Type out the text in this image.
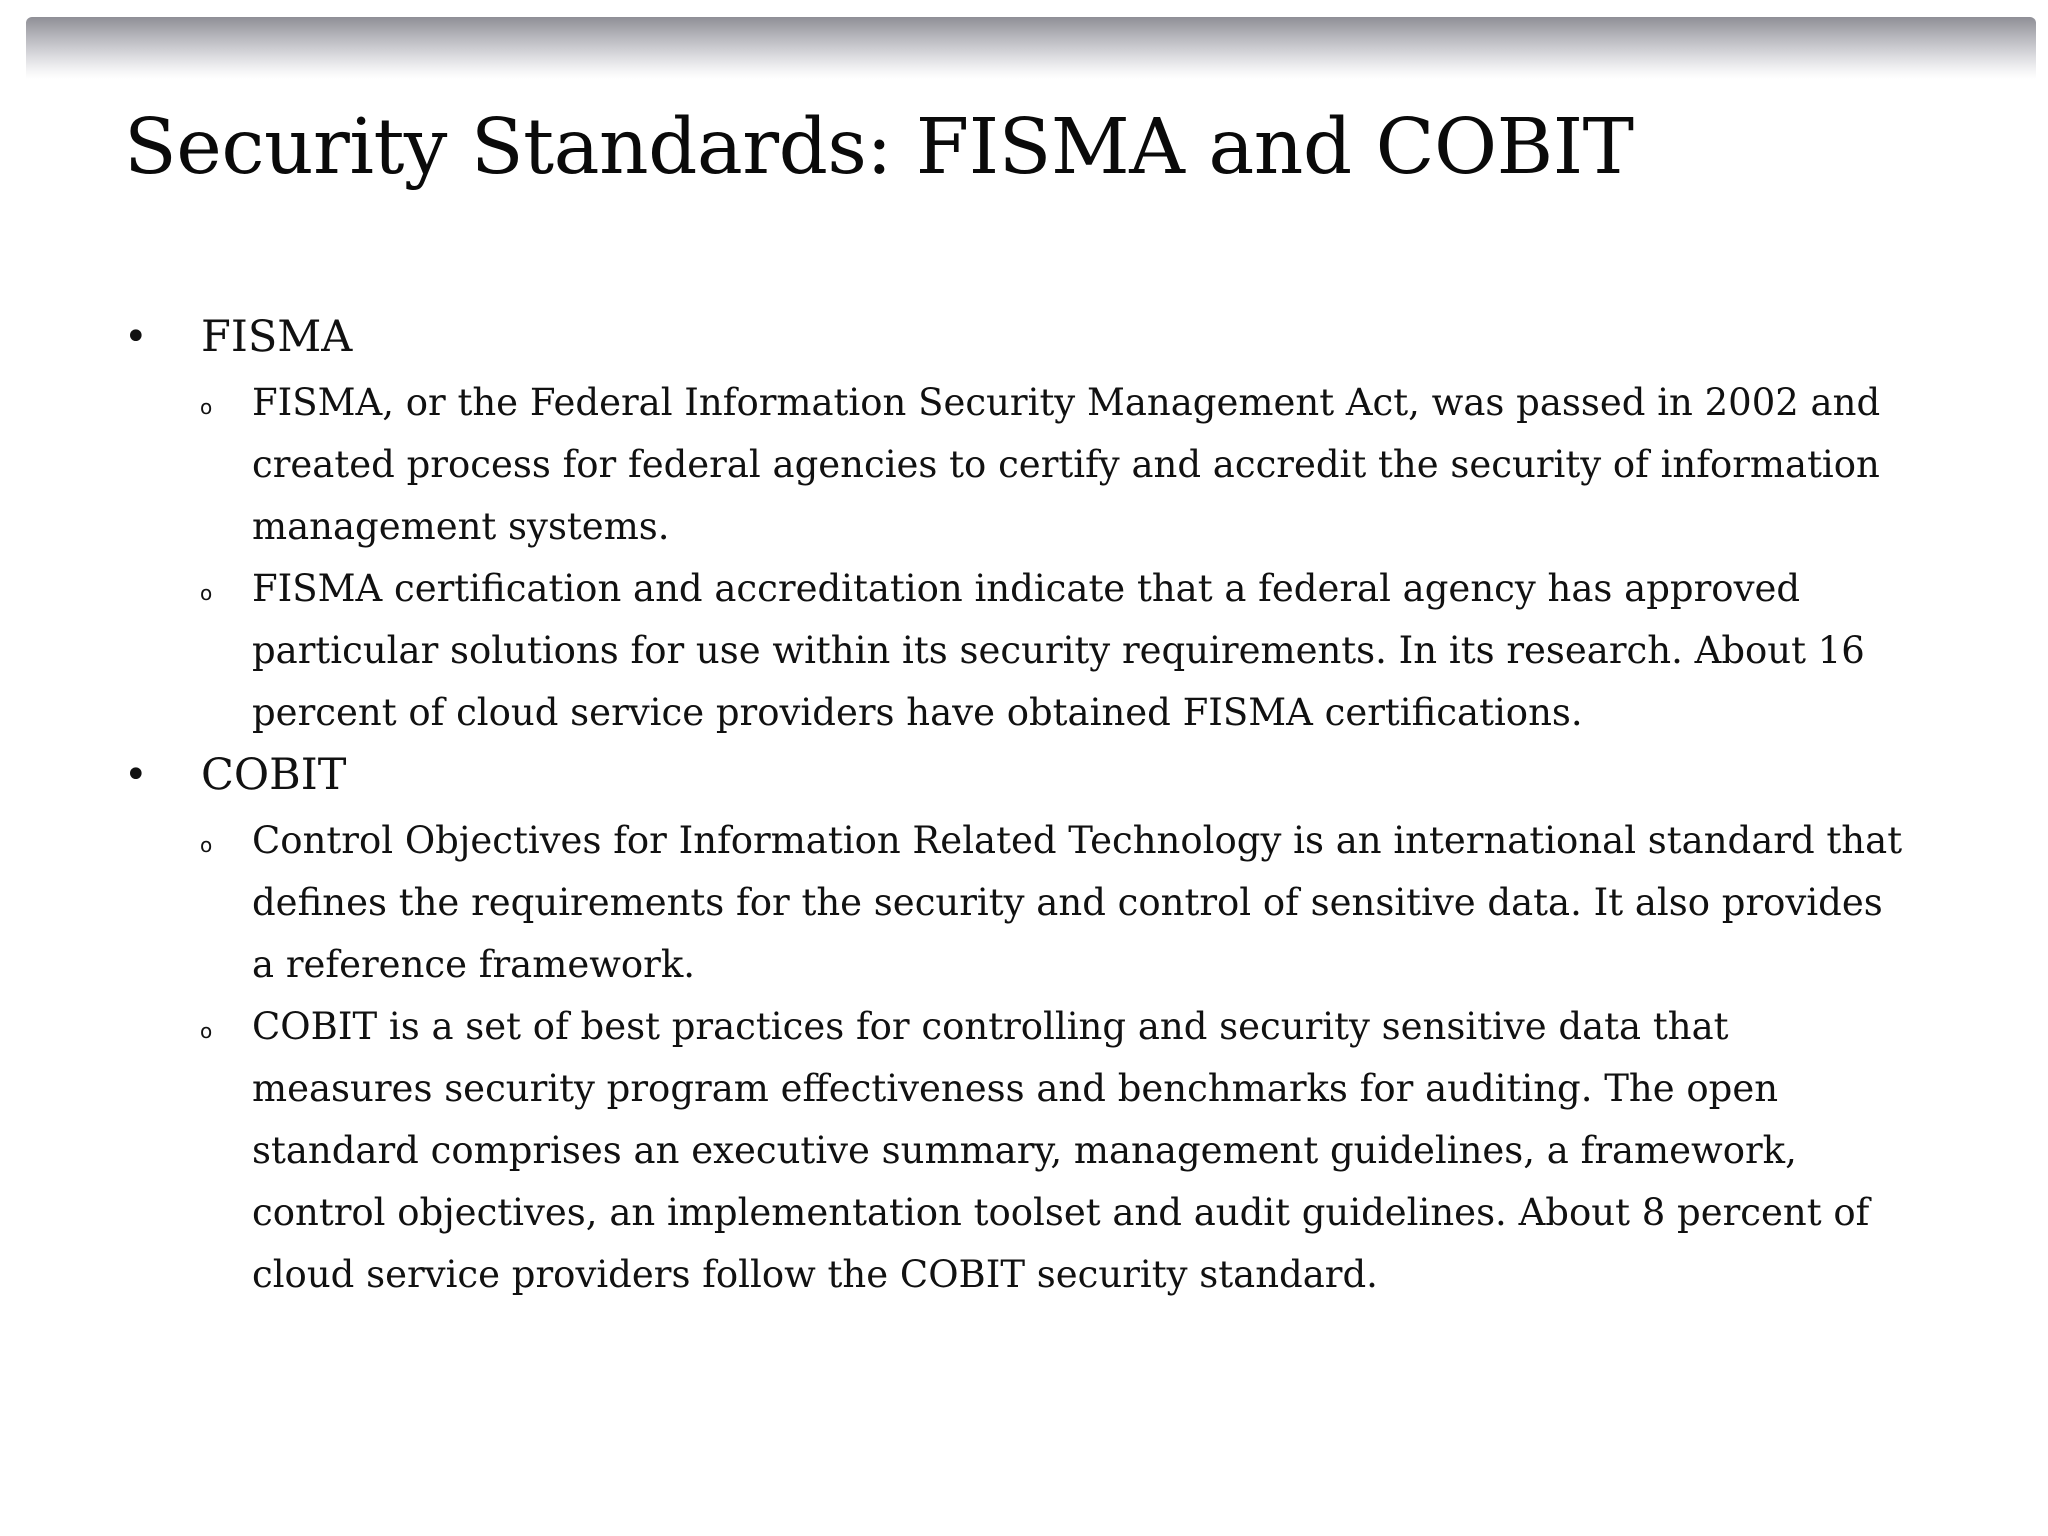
Security Standards: FISMA and COBIT
• FISMA
o FISMA, or the Federal Information Security Management Act, was passed in 2002 and created process for federal agencies to certify and accredit the security of information management systems.
o FISMA certification and accreditation indicate that a federal agency has approved particular solutions for use within its security requirements. In its research. About 16 percent of cloud service providers have obtained FISMA certifications.
• COBIT
o Control Objectives for Information Related Technology is an international standard that defines the requirements for the security and control of sensitive data. It also provides a reference framework.
o COBIT is a set of best practices for controlling and security sensitive data that measures security program effectiveness and benchmarks for auditing. The open standard comprises an executive summary, management guidelines, a framework, control objectives, an implementation toolset and audit guidelines. About 8 percent of cloud service providers follow the COBIT security standard.
